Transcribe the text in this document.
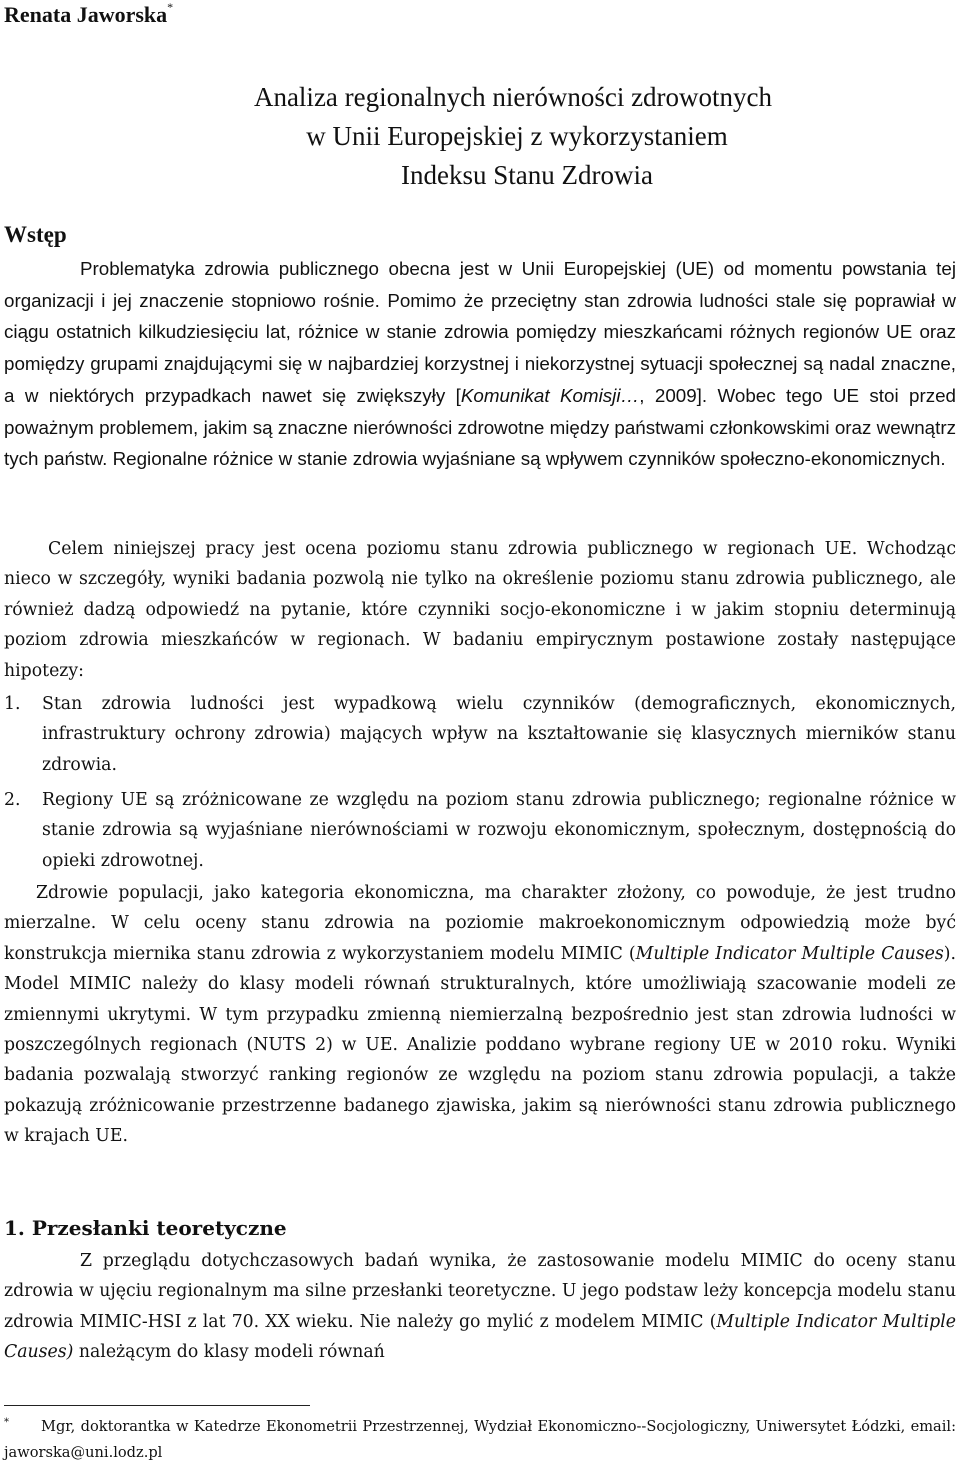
Renata Jaworska*
Analiza regionalnych nierówności zdrowotnych
w Unii Europejskiej z wykorzystaniem
Indeksu Stanu Zdrowia
Wstęp
Problematyka zdrowia publicznego obecna jest w Unii Europejskiej (UE) od momentu powstania tej organizacji i jej znaczenie stopniowo rośnie. Pomimo że przeciętny stan zdrowia ludności stale się poprawiał w ciągu ostatnich kilkudziesięciu lat, różnice w stanie zdrowia pomiędzy mieszkańcami różnych regionów UE oraz pomiędzy grupami znajdującymi się w najbardziej korzystnej i niekorzystnej sytuacji społecznej są nadal znaczne, a w niektórych przypadkach nawet się zwiększyły [Komunikat Komisji…, 2009]. Wobec tego UE stoi przed poważnym problemem, jakim są znaczne nierówności zdrowotne między państwami członkowskimi oraz wewnątrz tych państw. Regionalne różnice w stanie zdrowia wyjaśniane są wpływem czynników społeczno-ekonomicznych.
Celem niniejszej pracy jest ocena poziomu stanu zdrowia publicznego w regionach UE. Wchodząc nieco w szczegóły, wyniki badania pozwolą nie tylko na określenie poziomu stanu zdrowia publicznego, ale również dadzą odpowiedź na pytanie, które czynniki socjo-ekonomiczne i w jakim stopniu determinują poziom zdrowia mieszkańców w regionach. W badaniu empirycznym postawione zostały następujące hipotezy:
1. Stan zdrowia ludności jest wypadkową wielu czynników (demograficznych, ekonomicznych, infrastruktury ochrony zdrowia) mających wpływ na kształtowanie się klasycznych mierników stanu zdrowia.
2. Regiony UE są zróżnicowane ze względu na poziom stanu zdrowia publicznego; regionalne różnice w stanie zdrowia są wyjaśniane nierównościami w rozwoju ekonomicznym, społecznym, dostępnością do opieki zdrowotnej.
Zdrowie populacji, jako kategoria ekonomiczna, ma charakter złożony, co powoduje, że jest trudno mierzalne. W celu oceny stanu zdrowia na poziomie makroekonomicznym odpowiedzią może być konstrukcja miernika stanu zdrowia z wykorzystaniem modelu MIMIC (Multiple Indicator Multiple Causes). Model MIMIC należy do klasy modeli równań strukturalnych, które umożliwiają szacowanie modeli ze zmiennymi ukrytymi. W tym przypadku zmienną niemierzalną bezpośrednio jest stan zdrowia ludności w poszczególnych regionach (NUTS 2) w UE. Analizie poddano wybrane regiony UE w 2010 roku. Wyniki badania pozwalają stworzyć ranking regionów ze względu na poziom stanu zdrowia populacji, a także pokazują zróżnicowanie przestrzenne badanego zjawiska, jakim są nierówności stanu zdrowia publicznego w krajach UE.
1. Przesłanki teoretyczne
Z przeglądu dotychczasowych badań wynika, że zastosowanie modelu MIMIC do oceny stanu zdrowia w ujęciu regionalnym ma silne przesłanki teoretyczne. U jego podstaw leży koncepcja modelu stanu zdrowia MIMIC-HSI z lat 70. XX wieku. Nie należy go mylić z modelem MIMIC (Multiple Indicator Multiple Causes) należącym do klasy modeli równań
* Mgr, doktorantka w Katedrze Ekonometrii Przestrzennej, Wydział Ekonomiczno--Socjologiczny, Uniwersytet Łódzki, email: jaworska@uni.lodz.pl
